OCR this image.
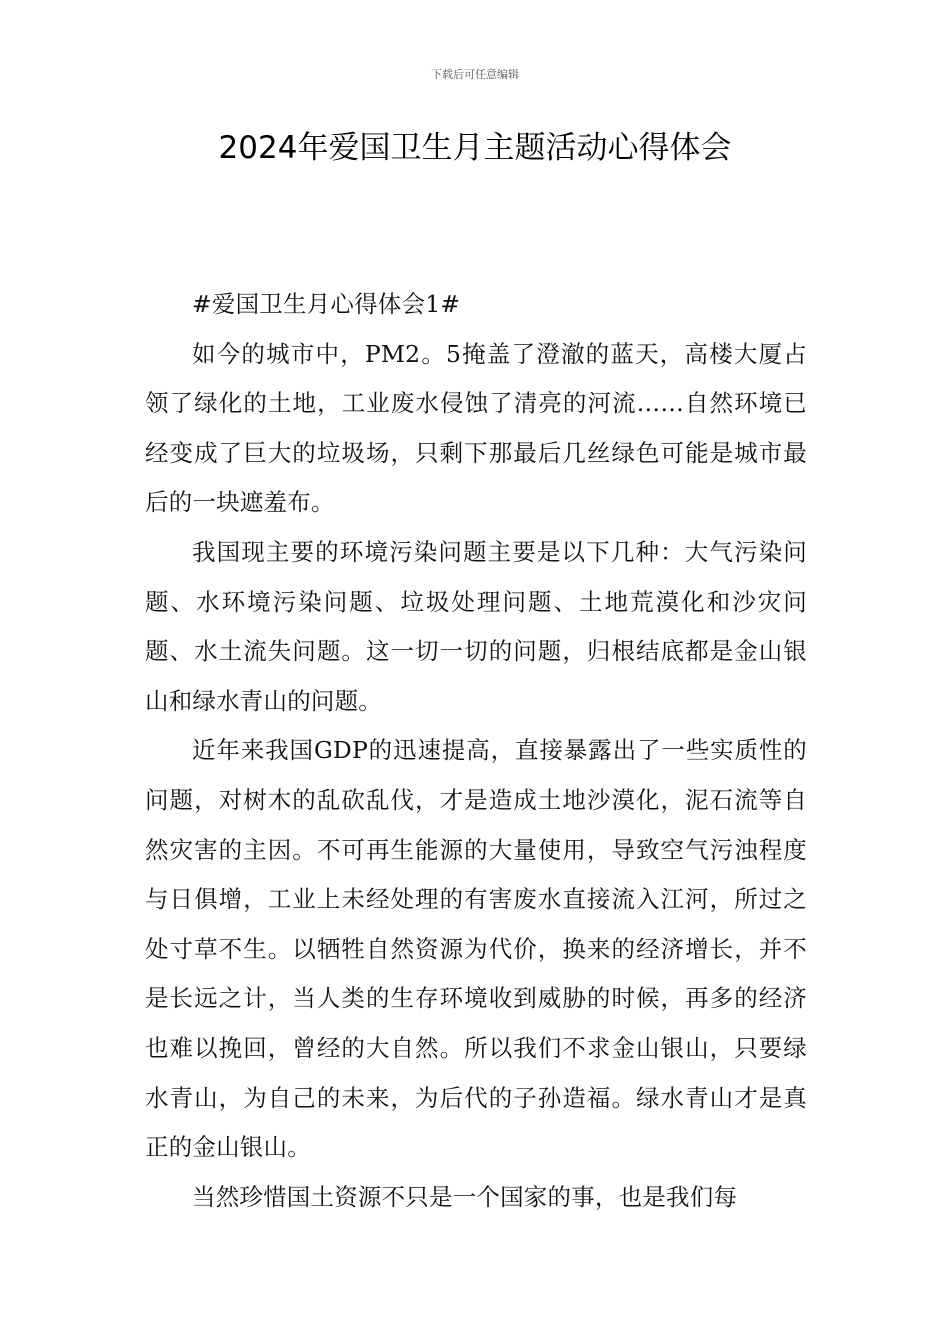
下载后可任意编辑
2024年爱国卫生月主题活动心得体会

#爱国卫生月心得体会1#

如今的城市中，PM2。5掩盖了澄澈的蓝天，高楼大厦占领了绿化的土地，工业废水侵蚀了清亮的河流……自然环境已经变成了巨大的垃圾场，只剩下那最后几丝绿色可能是城市最后的一块遮羞布。

我国现主要的环境污染问题主要是以下几种：大气污染问题、水环境污染问题、垃圾处理问题、土地荒漠化和沙灾问题、水土流失问题。这一切一切的问题，归根结底都是金山银山和绿水青山的问题。

近年来我国GDP的迅速提高，直接暴露出了一些实质性的问题，对树木的乱砍乱伐，才是造成土地沙漠化，泥石流等自然灾害的主因。不可再生能源的大量使用，导致空气污浊程度与日俱增，工业上未经处理的有害废水直接流入江河，所过之处寸草不生。以牺牲自然资源为代价，换来的经济增长，并不是长远之计，当人类的生存环境收到威胁的时候，再多的经济也难以挽回，曾经的大自然。所以我们不求金山银山，只要绿水青山，为自己的未来，为后代的子孙造福。绿水青山才是真正的金山银山。

当然珍惜国土资源不只是一个国家的事，也是我们每
